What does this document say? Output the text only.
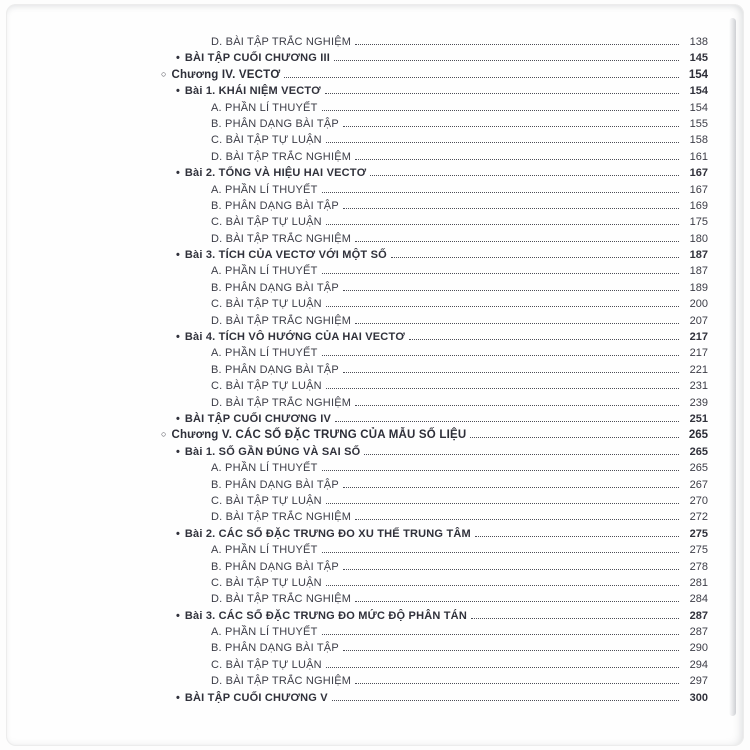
D. BÀI TẬP TRẮC NGHIỆM	138
• BÀI TẬP CUỐI CHƯƠNG III	145
○ Chương IV. VECTƠ	154
• Bài 1. KHÁI NIỆM VECTƠ	154
A. PHẦN LÍ THUYẾT	154
B. PHÂN DẠNG BÀI TẬP	155
C. BÀI TẬP TỰ LUẬN	158
D. BÀI TẬP TRẮC NGHIỆM	161
• Bài 2. TỔNG VÀ HIỆU HAI VECTƠ	167
A. PHẦN LÍ THUYẾT	167
B. PHÂN DẠNG BÀI TẬP	169
C. BÀI TẬP TỰ LUẬN	175
D. BÀI TẬP TRẮC NGHIỆM	180
• Bài 3. TÍCH CỦA VECTƠ VỚI MỘT SỐ	187
A. PHẦN LÍ THUYẾT	187
B. PHÂN DẠNG BÀI TẬP	189
C. BÀI TẬP TỰ LUẬN	200
D. BÀI TẬP TRẮC NGHIỆM	207
• Bài 4. TÍCH VÔ HƯỚNG CỦA HAI VECTƠ	217
A. PHẦN LÍ THUYẾT	217
B. PHÂN DẠNG BÀI TẬP	221
C. BÀI TẬP TỰ LUẬN	231
D. BÀI TẬP TRẮC NGHIỆM	239
• BÀI TẬP CUỐI CHƯƠNG IV	251
○ Chương V. CÁC SỐ ĐẶC TRƯNG CỦA MẪU SỐ LIỆU	265
• Bài 1. SỐ GẦN ĐÚNG VÀ SAI SỐ	265
A. PHẦN LÍ THUYẾT	265
B. PHÂN DẠNG BÀI TẬP	267
C. BÀI TẬP TỰ LUẬN	270
D. BÀI TẬP TRẮC NGHIỆM	272
• Bài 2. CÁC SỐ ĐẶC TRƯNG ĐO XU THẾ TRUNG TÂM	275
A. PHẦN LÍ THUYẾT	275
B. PHÂN DẠNG BÀI TẬP	278
C. BÀI TẬP TỰ LUẬN	281
D. BÀI TẬP TRẮC NGHIỆM	284
• Bài 3. CÁC SỐ ĐẶC TRƯNG ĐO MỨC ĐỘ PHÂN TÁN	287
A. PHẦN LÍ THUYẾT	287
B. PHÂN DẠNG BÀI TẬP	290
C. BÀI TẬP TỰ LUẬN	294
D. BÀI TẬP TRẮC NGHIỆM	297
• BÀI TẬP CUỐI CHƯƠNG V	300
